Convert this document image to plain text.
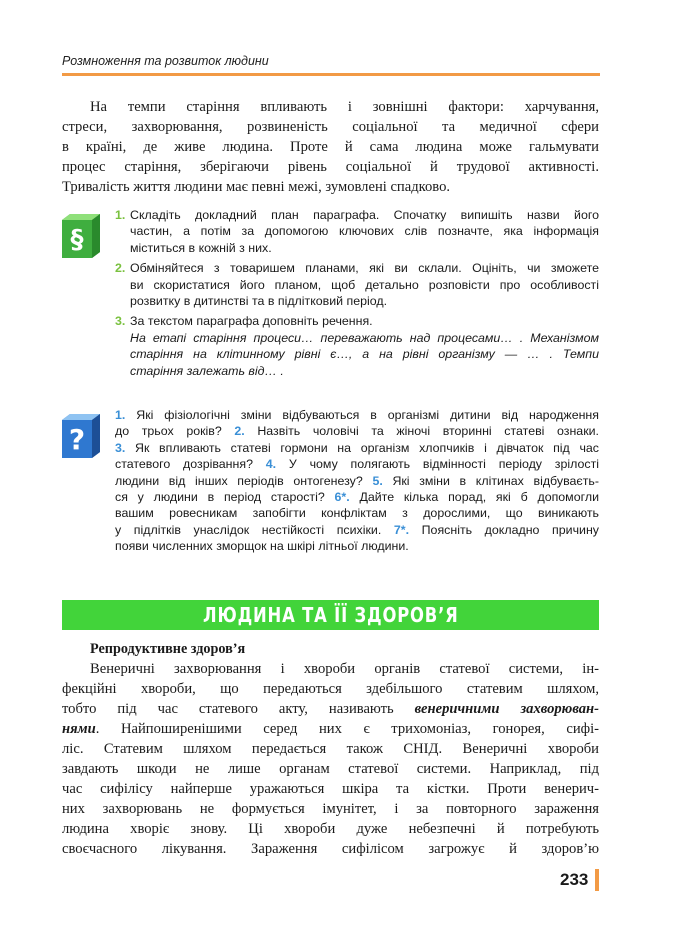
Розмноження та розвиток людини
На темпи старіння впливають і зовнішні фактори: харчування,
стреси, захворювання, розвиненість соціальної та медичної сфери
в країні, де живе людина. Проте й сама людина може гальмувати
процес старіння, зберігаючи рівень соціальної й трудової активності.
Тривалість життя людини має певні межі, зумовлені спадково.
§
1. Складіть докладний план параграфа. Спочатку випишіть назви його
частин, а потім за допомогою ключових слів позначте, яка інформація
міститься в кожній з них.
2. Обміняйтеся з товаришем планами, які ви склали. Оцініть, чи зможете
ви скористатися його планом, щоб детально розповісти про особливості
розвитку в дитинстві та в підлітковий період.
3. За текстом параграфа доповніть речення.
На етапі старіння процеси… переважають над процесами… . Механізмом
старіння на клітинному рівні є…, а на рівні організму — … . Темпи
старіння залежать від… .
?
1. Які фізіологічні зміни відбуваються в організмі дитини від народження
до трьох років? 2. Назвіть чоловічі та жіночі вторинні статеві ознаки.
3. Як впливають статеві гормони на організм хлопчиків і дівчаток під час
статевого дозрівання? 4. У чому полягають відмінності періоду зрілості
людини від інших періодів онтогенезу? 5. Які зміни в клітинах відбуваєть-
ся у людини в період старості? 6*. Дайте кілька порад, які б допомогли
вашим ровесникам запобігти конфліктам з дорослими, що виникають
у підлітків унаслідок нестійкості психіки. 7*. Поясніть докладно причину
появи численних зморщок на шкірі літньої людини.
ЛЮДИНА ТА ЇЇ ЗДОРОВ’Я
Репродуктивне здоров’я
Венеричні захворювання і хвороби органів статевої системи, ін-
фекційні хвороби, що передаються здебільшого статевим шляхом,
тобто під час статевого акту, називають венеричними захворюван-
нями. Найпоширенішими серед них є трихомоніаз, гонорея, сифі-
ліс. Статевим шляхом передається також СНІД. Венеричні хвороби
завдають шкоди не лише органам статевої системи. Наприклад, під
час сифілісу найперше уражаються шкіра та кістки. Проти венерич-
них захворювань не формується імунітет, і за повторного зараження
людина хворіє знову. Ці хвороби дуже небезпечні й потребують
своєчасного лікування. Зараження сифілісом загрожує й здоров’ю
233
